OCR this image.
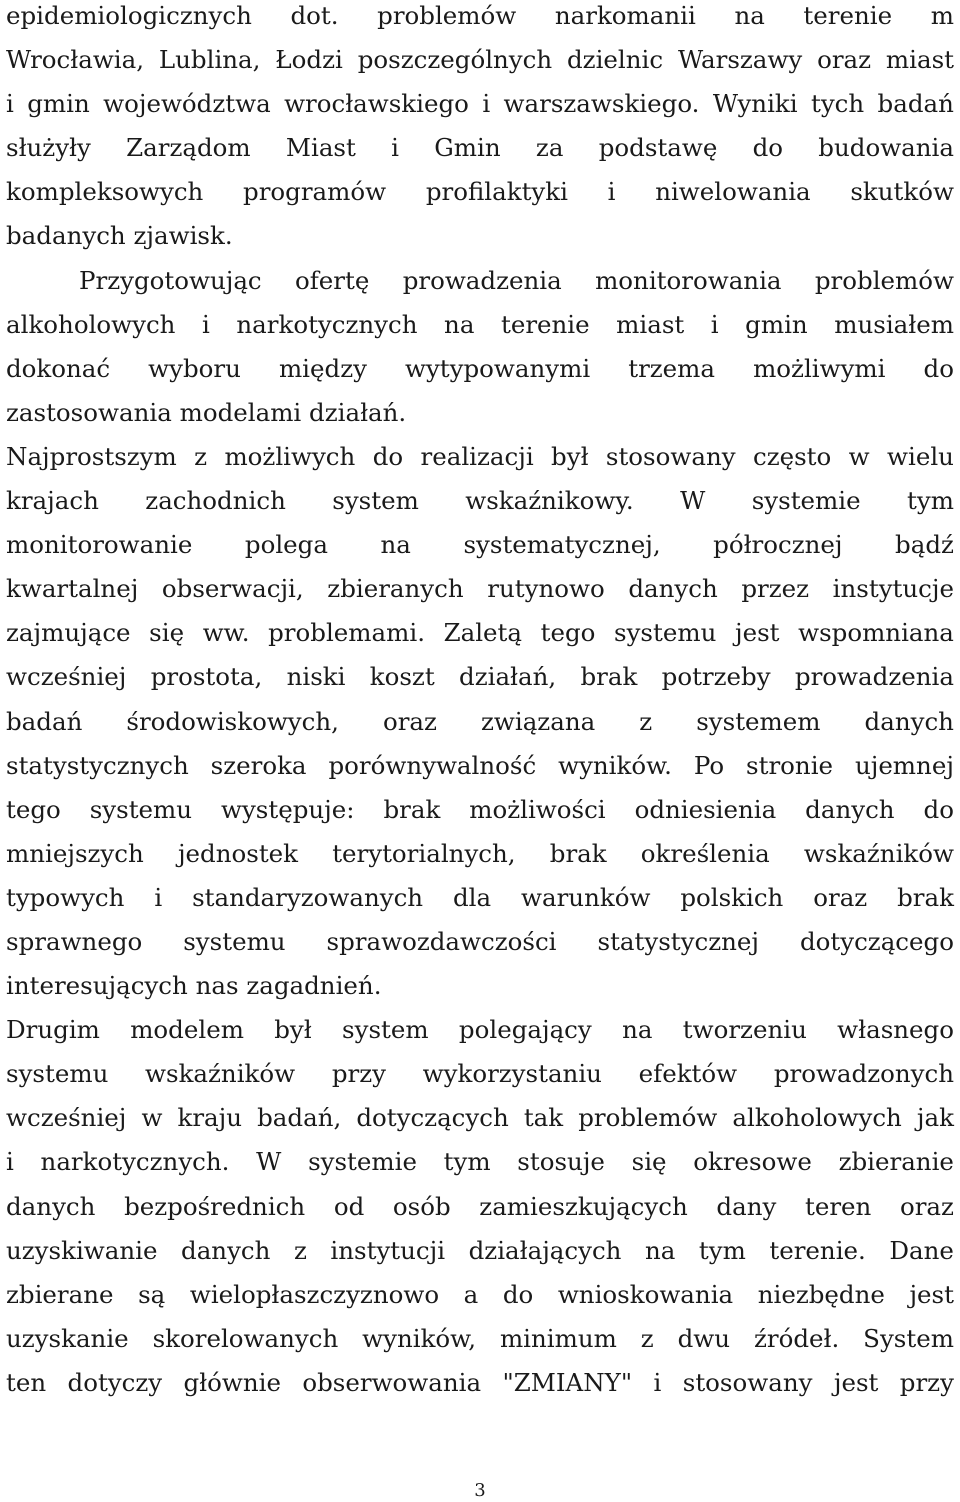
epidemiologicznych dot. problemów narkomanii na terenie m
Wrocławia, Lublina, Łodzi poszczególnych dzielnic Warszawy oraz miast
i gmin województwa wrocławskiego i warszawskiego. Wyniki tych badań
służyły Zarządom Miast i Gmin za podstawę do budowania
kompleksowych programów profilaktyki i niwelowania skutków
badanych zjawisk.
Przygotowując ofertę prowadzenia monitorowania problemów
alkoholowych i narkotycznych na terenie miast i gmin musiałem
dokonać wyboru między wytypowanymi trzema możliwymi do
zastosowania modelami działań.
Najprostszym z możliwych do realizacji był stosowany często w wielu
krajach zachodnich system wskaźnikowy. W systemie tym
monitorowanie polega na systematycznej, półrocznej bądź
kwartalnej obserwacji, zbieranych rutynowo danych przez instytucje
zajmujące się ww. problemami. Zaletą tego systemu jest wspomniana
wcześniej prostota, niski koszt działań, brak potrzeby prowadzenia
badań środowiskowych, oraz związana z systemem danych
statystycznych szeroka porównywalność wyników. Po stronie ujemnej
tego systemu występuje: brak możliwości odniesienia danych do
mniejszych jednostek terytorialnych, brak określenia wskaźników
typowych i standaryzowanych dla warunków polskich oraz brak
sprawnego systemu sprawozdawczości statystycznej dotyczącego
interesujących nas zagadnień.
Drugim modelem był system polegający na tworzeniu własnego
systemu wskaźników przy wykorzystaniu efektów prowadzonych
wcześniej w kraju badań, dotyczących tak problemów alkoholowych jak
i narkotycznych. W systemie tym stosuje się okresowe zbieranie
danych bezpośrednich od osób zamieszkujących dany teren oraz
uzyskiwanie danych z instytucji działających na tym terenie. Dane
zbierane są wielopłaszczyznowo a do wnioskowania niezbędne jest
uzyskanie skorelowanych wyników, minimum z dwu źródeł. System
ten dotyczy głównie obserwowania "ZMIANY" i stosowany jest przy
3
